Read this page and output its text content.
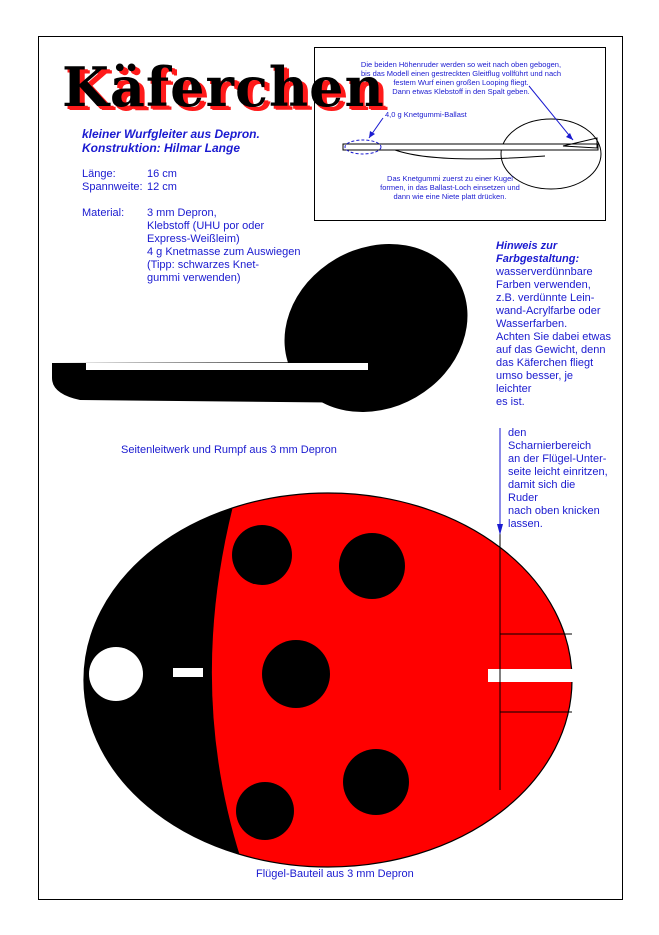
Käferchen
kleiner Wurfgleiter aus Depron.
Konstruktion: Hilmar Lange
Länge:	16 cm
Spannweite: 12 cm
Material:	3 mm Depron,
Klebstoff (UHU por oder
Express-Weißleim)
4 g Knetmasse zum Auswiegen
(Tipp: schwarzes Knet-
gummi verwenden)
Die beiden Höhenruder werden so weit nach oben gebogen,
bis das Modell einen gestreckten Gleitflug vollführt und nach
festem Wurf einen großen Looping fliegt.
Dann etwas Klebstoff in den Spalt geben.
4,0 g Knetgummi-Ballast
Das Knetgummi zuerst zu einer Kugel
formen, in das Ballast-Loch einsetzen und
dann wie eine Niete platt drücken.
Hinweis zur
Farbgestaltung:
wasserverdünnbare
Farben verwenden,
z.B. verdünnte Lein-
wand-Acrylfarbe oder
Wasserfarben.
Achten Sie dabei etwas
auf das Gewicht, denn
das Käferchen fliegt
umso besser, je leichter
es ist.
den Scharnierbereich
an der Flügel-Unter-
seite leicht einritzen,
damit sich die Ruder
nach oben knicken
lassen.
Seitenleitwerk und Rumpf aus 3 mm Depron
Flügel-Bauteil aus 3 mm Depron
